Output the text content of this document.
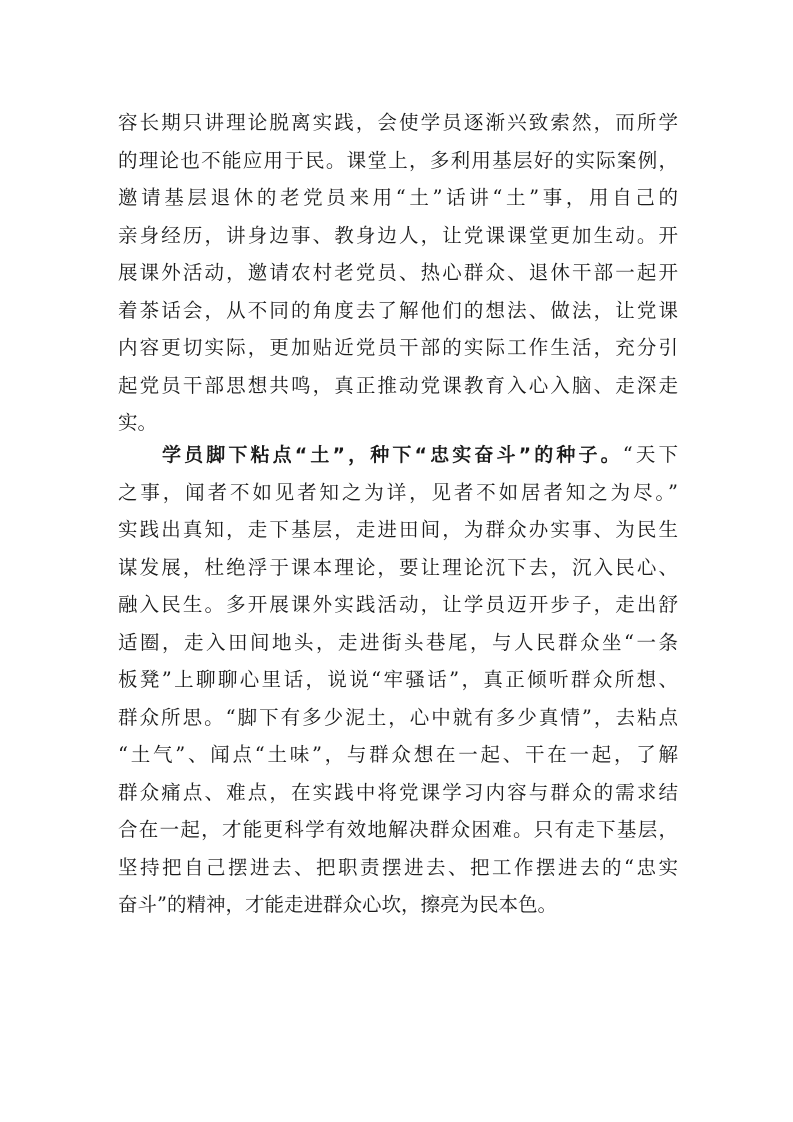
容长期只讲理论脱离实践，会使学员逐渐兴致索然，而所学
的理论也不能应用于民。课堂上，多利用基层好的实际案例，
邀请基层退休的老党员来用“土”话讲“土”事，用自己的
亲身经历，讲身边事、教身边人，让党课课堂更加生动。开
展课外活动，邀请农村老党员、热心群众、退休干部一起开
着茶话会，从不同的角度去了解他们的想法、做法，让党课
内容更切实际，更加贴近党员干部的实际工作生活，充分引
起党员干部思想共鸣，真正推动党课教育入心入脑、走深走
实。
学员脚下粘点“土”，种下“忠实奋斗”的种子。“天下
之事，闻者不如见者知之为详，见者不如居者知之为尽。”
实践出真知，走下基层，走进田间，为群众办实事、为民生
谋发展，杜绝浮于课本理论，要让理论沉下去，沉入民心、
融入民生。多开展课外实践活动，让学员迈开步子，走出舒
适圈，走入田间地头，走进街头巷尾，与人民群众坐“一条
板凳”上聊聊心里话，说说“牢骚话”，真正倾听群众所想、
群众所思。“脚下有多少泥土，心中就有多少真情”，去粘点
“土气”、闻点“土味”，与群众想在一起、干在一起，了解
群众痛点、难点，在实践中将党课学习内容与群众的需求结
合在一起，才能更科学有效地解决群众困难。只有走下基层，
坚持把自己摆进去、把职责摆进去、把工作摆进去的“忠实
奋斗”的精神，才能走进群众心坎，擦亮为民本色。
